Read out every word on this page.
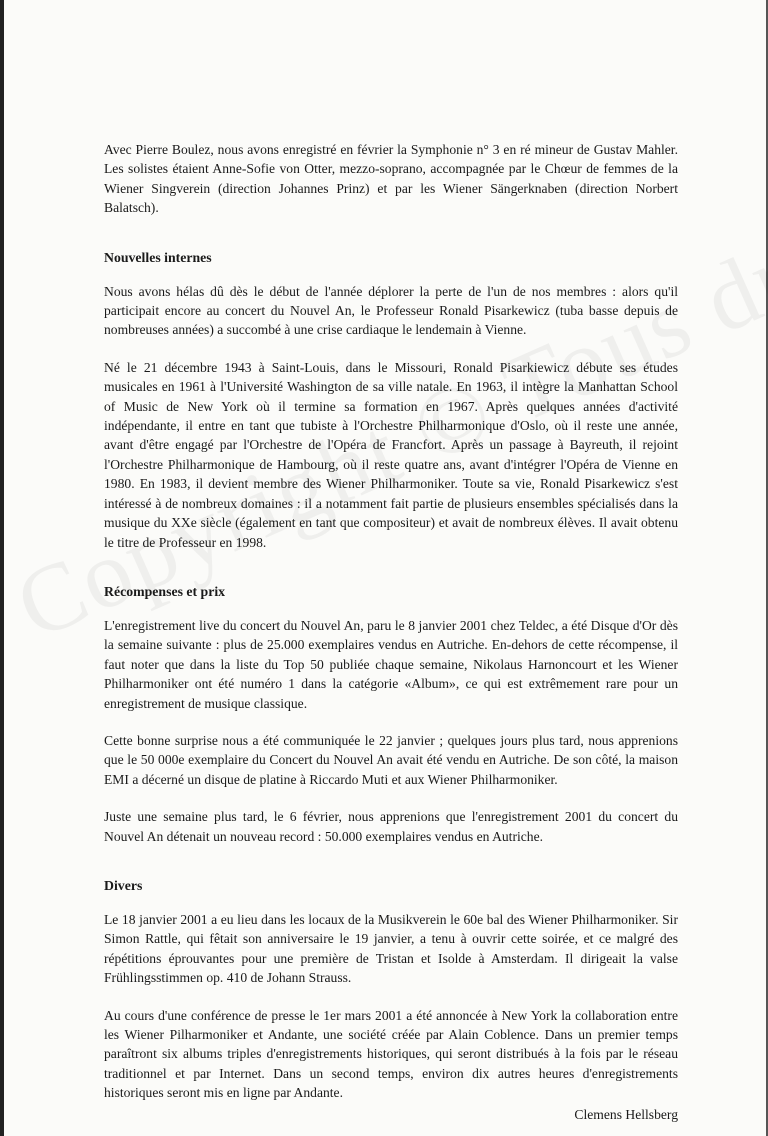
Avec Pierre Boulez, nous avons enregistré en février la Symphonie n° 3 en ré mineur de Gustav Mahler. Les solistes étaient Anne-Sofie von Otter, mezzo-soprano, accompagnée par le Chœur de femmes de la Wiener Singverein (direction Johannes Prinz) et par les Wiener Sängerknaben (direction Norbert Balatsch).

Nouvelles internes

Nous avons hélas dû dès le début de l'année déplorer la perte de l'un de nos membres : alors qu'il participait encore au concert du Nouvel An, le Professeur Ronald Pisarkewicz (tuba basse depuis de nombreuses années) a succombé à une crise cardiaque le lendemain à Vienne.

Né le 21 décembre 1943 à Saint-Louis, dans le Missouri, Ronald Pisarkiewicz débute ses études musicales en 1961 à l'Université Washington de sa ville natale. En 1963, il intègre la Manhattan School of Music de New York où il termine sa formation en 1967. Après quelques années d'activité indépendante, il entre en tant que tubiste à l'Orchestre Philharmonique d'Oslo, où il reste une année, avant d'être engagé par l'Orchestre de l'Opéra de Francfort. Après un passage à Bayreuth, il rejoint l'Orchestre Philharmonique de Hambourg, où il reste quatre ans, avant d'intégrer l'Opéra de Vienne en 1980. En 1983, il devient membre des Wiener Philharmoniker. Toute sa vie, Ronald Pisarkewicz s'est intéressé à de nombreux domaines : il a notamment fait partie de plusieurs ensembles spécialisés dans la musique du XXe siècle (également en tant que compositeur) et avait de nombreux élèves. Il avait obtenu le titre de Professeur en 1998.

Récompenses et prix

L'enregistrement live du concert du Nouvel An, paru le 8 janvier 2001 chez Teldec, a été Disque d'Or dès la semaine suivante : plus de 25.000 exemplaires vendus en Autriche. En-dehors de cette récompense, il faut noter que dans la liste du Top 50 publiée chaque semaine, Nikolaus Harnoncourt et les Wiener Philharmoniker ont été numéro 1 dans la catégorie «Album», ce qui est extrêmement rare pour un enregistrement de musique classique.

Cette bonne surprise nous a été communiquée le 22 janvier ; quelques jours plus tard, nous apprenions que le 50 000e exemplaire du Concert du Nouvel An avait été vendu en Autriche. De son côté, la maison EMI a décerné un disque de platine à Riccardo Muti et aux Wiener Philharmoniker.

Juste une semaine plus tard, le 6 février, nous apprenions que l'enregistrement 2001 du concert du Nouvel An détenait un nouveau record : 50.000 exemplaires vendus en Autriche.

Divers

Le 18 janvier 2001 a eu lieu dans les locaux de la Musikverein le 60e bal des Wiener Philharmoniker. Sir Simon Rattle, qui fêtait son anniversaire le 19 janvier, a tenu à ouvrir cette soirée, et ce malgré des répétitions éprouvantes pour une première de Tristan et Isolde à Amsterdam. Il dirigeait la valse Frühlingsstimmen op. 410 de Johann Strauss.

Au cours d'une conférence de presse le 1er mars 2001 a été annoncée à New York la collaboration entre les Wiener Pilharmoniker et Andante, une société créée par Alain Coblence. Dans un premier temps paraîtront six albums triples d'enregistrements historiques, qui seront distribués à la fois par le réseau traditionnel et par Internet. Dans un second temps, environ dix autres heures d'enregistrements historiques seront mis en ligne par Andante.

Clemens Hellsberg
